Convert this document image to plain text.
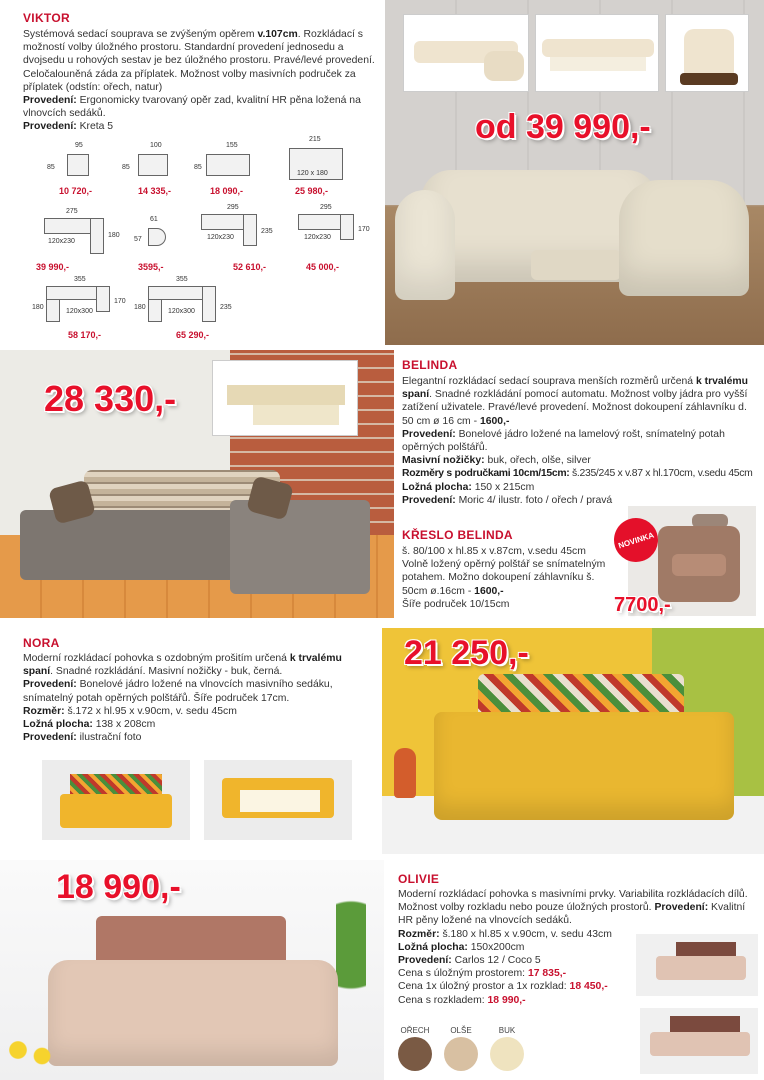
VIKTOR
Systémová sedací souprava se zvýšeným opěrem v.107cm. Rozkládací s možností volby úložného prostoru. Standardní provedení jednosedu a dvojsedu u rohových sestav je bez úložného prostoru. Pravé/levé provedení. Celočalouněná záda za příplatek. Možnost volby masivních područek za příplatek (odstín: ořech, natur)
Provedení: Ergonomicky tvarovaný opěr zad, kvalitní HR pěna ložená na vlnovcích sedáků.
Provedení: Kreta 5
95
85
10 720,-
100
85
14 335,-
155
85
18 090,-
215
120 x 180
25 980,-
275
120x230
180
39 990,-
61
57
3595,-
295
120x230
235
52 610,-
295
120x230
170
45 000,-
355
120x300
180
170
58 170,-
355
120x300
180	235
65 290,-
od 39 990,-
28 330,-
BELINDA
Elegantní rozkládací sedací souprava menších rozměrů určená k trvalému spaní. Snadné rozkládání pomocí automatu. Možnost volby jádra pro vyšší zatížení uživatele. Pravé/levé provedení. Možnost dokoupení záhlavníku d. 50 cm ø 16 cm - 1600,-
Provedení: Bonelové jádro ložené na lamelový rošt, snímatelný potah opěrných polštářů.
Masivní nožičky: buk, ořech, olše, silver
Rozměry s područkami 10cm/15cm: š.235/245 x v.87 x hl.170cm, v.sedu 45cm
Ložná plocha: 150 x 215cm
Provedení: Moric 4/ ilustr. foto / ořech / pravá
KŘESLO BELINDA
š. 80/100 x hl.85 x v.87cm, v.sedu 45cm
Volně ložený opěrný polštář se snímatelným potahem. Možno dokoupení záhlavníku š. 50cm ø.16cm - 1600,-
Šíře područek 10/15cm
NOVINKA
7700,-
NORA
Moderní rozkládací pohovka s ozdobným prošitím určená k trvalému spaní. Snadné rozkládání. Masivní nožičky - buk, černá.
Provedení: Bonelové jádro ložené na vlnovcích masivního sedáku, snímatelný potah opěrných polštářů. Šíře područek 17cm.
Rozměr: š.172 x hl.95 x v.90cm, v. sedu 45cm
Ložná plocha: 138 x 208cm
Provedení: ilustrační foto
21 250,-
18 990,-	OLIVIE
Moderní rozkládací pohovka s masivními prvky. Variabilita rozkládacích dílů. Možnost volby rozkladu nebo pouze úložných prostorů. Provedení: Kvalitní HR pěny ložené na vlnovcích sedáků.
Rozměr: š.180 x hl.85 x v.90cm, v. sedu 43cm
Ložná plocha: 150x200cm
Provedení: Carlos 12 / Coco 5
Cena s úložným prostorem: 17 835,-
Cena 1x úložný prostor a 1x rozklad: 18 450,-
Cena s rozkladem: 18 990,-
OŘECH	OLŠE	BUK
